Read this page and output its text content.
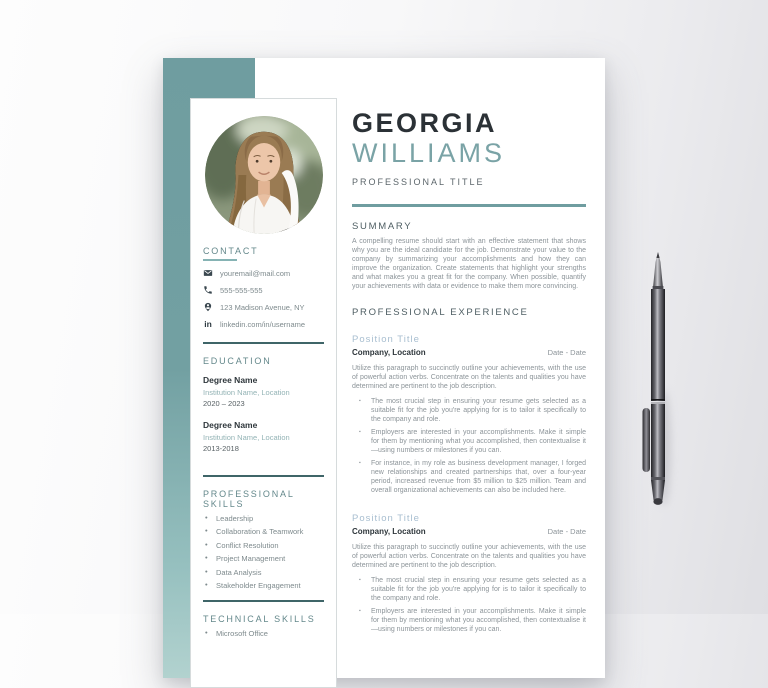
CONTACT
youremail@mail.com
555-555-555
123 Madison Avenue, NY
in linkedin.com/in/username
EDUCATION
Degree Name
Institution Name, Location
2020 – 2023
Degree Name
Institution Name, Location
2013-2018
PROFESSIONAL SKILLS
• Leadership
• Collaboration & Teamwork
• Conflict Resolution
• Project Management
• Data Analysis
• Stakeholder Engagement
TECHNICAL SKILLS
• Microsoft Office
GEORGIA
WILLIAMS
PROFESSIONAL TITLE
SUMMARY

A compelling resume should start with an effective statement that shows why you are the ideal candidate for the job. Demonstrate your value to the company by summarizing your accomplishments and how they can improve the organization. Create statements that highlight your strengths and what makes you a great fit for the company. When possible, quantify your achievements with data or evidence to make them more convincing.

PROFESSIONAL EXPERIENCE
Position Title
Company, Location	Date - Date

Utilize this paragraph to succinctly outline your achievements, with the use of powerful action verbs. Concentrate on the talents and qualities you have determined are pertinent to the job description.

▪ The most crucial step in ensuring your resume gets selected as a suitable fit for the job you're applying for is to tailor it specifically to the company and role.
▪ Employers are interested in your accomplishments. Make it simple for them by mentioning what you accomplished, then contextualise it—using numbers or milestones if you can.
▪ For instance, in my role as business development manager, I forged new relationships and created partnerships that, over a four-year period, increased revenue from $5 million to $25 million. Team and overall organizational achievements can also be included here.
Position Title
Company, Location	Date - Date

Utilize this paragraph to succinctly outline your achievements, with the use of powerful action verbs. Concentrate on the talents and qualities you have determined are pertinent to the job description.

▪ The most crucial step in ensuring your resume gets selected as a suitable fit for the job you're applying for is to tailor it specifically to the company and role.
▪ Employers are interested in your accomplishments. Make it simple for them by mentioning what you accomplished, then contextualise it—using numbers or milestones if you can.
